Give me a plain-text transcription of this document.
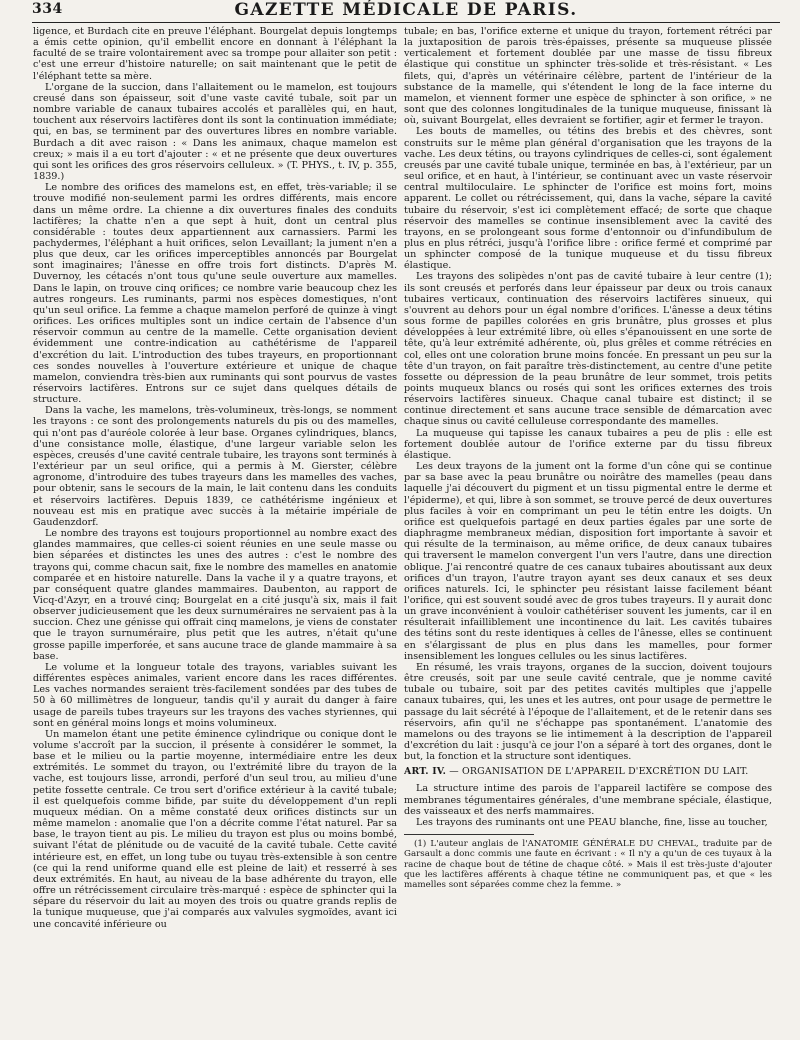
334	GAZETTE MÉDICALE DE PARIS.

ligence, et Burdach cite en preuve l'éléphant. Bourgelat depuis longtemps a émis cette opinion, qu'il embellit encore en donnant à l'éléphant la faculté de se traire volontairement avec sa trompe pour allaiter son petit : c'est une erreur d'histoire naturelle; on sait maintenant que le petit de l'éléphant tette sa mère.

L'organe de la succion, dans l'allaitement ou le mamelon, est toujours creusé dans son épaisseur, soit d'une vaste cavité tubale, soit par un nombre variable de canaux tubaires accolés et parallèles qui, en haut, touchent aux réservoirs lactifères dont ils sont la continuation immédiate; qui, en bas, se terminent par des ouvertures libres en nombre variable. Burdach a dit avec raison : « Dans les animaux, chaque mamelon est creux; » mais il a eu tort d'ajouter : « et ne présente que deux ouvertures qui sont les orifices des gros réservoirs celluleux. » (T. PHYS., t. IV, p. 355, 1839.)

Le nombre des orifices des mamelons est, en effet, très-variable; il se trouve modifié non-seulement parmi les ordres différents, mais encore dans un même ordre. La chienne a dix ouvertures finales des conduits lactifères; la chatte n'en a que sept à huit, dont un central plus considérable : toutes deux appartiennent aux carnassiers. Parmi les pachydermes, l'éléphant a huit orifices, selon Levaillant; la jument n'en a plus que deux, car les orifices imperceptibles annoncés par Bourgelat sont imaginaires; l'ânesse en offre trois fort distincts. D'après M. Duvernoy, les cétacés n'ont tous qu'une seule ouverture aux mamelles. Dans le lapin, on trouve cinq orifices; ce nombre varie beaucoup chez les autres rongeurs. Les ruminants, parmi nos espèces domestiques, n'ont qu'un seul orifice. La femme a chaque mamelon perforé de quinze à vingt orifices. Les orifices multiples sont un indice certain de l'absence d'un réservoir commun au centre de la mamelle. Cette organisation devient évidemment une contre-indication au cathétérisme de l'appareil d'excrétion du lait. L'introduction des tubes trayeurs, en proportionnant ces sondes nouvelles à l'ouverture extérieure et unique de chaque mamelon, conviendra très-bien aux ruminants qui sont pourvus de vastes réservoirs lactifères. Entrons sur ce sujet dans quelques détails de structure.

Dans la vache, les mamelons, très-volumineux, très-longs, se nomment les trayons : ce sont des prolongements naturels du pis ou des mamelles, qui n'ont pas d'auréole colorée à leur base. Organes cylindriques, blancs, d'une consistance molle, élastique, d'une largeur variable selon les espèces, creusés d'une cavité centrale tubaire, les trayons sont terminés à l'extérieur par un seul orifice, qui a permis à M. Gierster, célèbre agronome, d'introduire des tubes trayeurs dans les mamelles des vaches, pour obtenir, sans le secours de la main, le lait contenu dans les conduits et réservoirs lactifères. Depuis 1839, ce cathétérisme ingénieux et nouveau est mis en pratique avec succès à la métairie impériale de Gaudenzdorf.

Le nombre des trayons est toujours proportionnel au nombre exact des glandes mammaires, que celles-ci soient réunies en une seule masse ou bien séparées et distinctes les unes des autres : c'est le nombre des trayons qui, comme chacun sait, fixe le nombre des mamelles en anatomie comparée et en histoire naturelle. Dans la vache il y a quatre trayons, et par conséquent quatre glandes mammaires. Daubenton, au rapport de Vicq-d'Azyr, en a trouvé cinq; Bourgelat en a cité jusqu'à six, mais il fait observer judicieusement que les deux surnuméraires ne servaient pas à la succion. Chez une génisse qui offrait cinq mamelons, je viens de constater que le trayon surnuméraire, plus petit que les autres, n'était qu'une grosse papille imperforée, et sans aucune trace de glande mammaire à sa base.

Le volume et la longueur totale des trayons, variables suivant les différentes espèces animales, varient encore dans les races différentes. Les vaches normandes seraient très-facilement sondées par des tubes de 50 à 60 millimètres de longueur, tandis qu'il y aurait du danger à faire usage de pareils tubes trayeurs sur les trayons des vaches styriennes, qui sont en général moins longs et moins volumineux.

Un mamelon étant une petite éminence cylindrique ou conique dont le volume s'accroît par la succion, il présente à considérer le sommet, la base et le milieu ou la partie moyenne, intermédiaire entre les deux extrémités. Le sommet du trayon, ou l'extrémité libre du trayon de la vache, est toujours lisse, arrondi, perforé d'un seul trou, au milieu d'une petite fossette centrale. Ce trou sert d'orifice extérieur à la cavité tubale; il est quelquefois comme bifide, par suite du développement d'un repli muqueux médian. On a même constaté deux orifices distincts sur un même mamelon : anomalie que l'on a décrite comme l'état naturel. Par sa base, le trayon tient au pis. Le milieu du trayon est plus ou moins bombé, suivant l'état de plénitude ou de vacuité de la cavité tubale. Cette cavité intérieure est, en effet, un long tube ou tuyau très-extensible à son centre (ce qui la rend uniforme quand elle est pleine de lait) et resserré à ses deux extrémités. En haut, au niveau de la base adhérente du trayon, elle offre un rétrécissement circulaire très-marqué : espèce de sphincter qui la sépare du réservoir du lait au moyen des trois ou quatre grands replis de la tunique muqueuse, que j'ai comparés aux valvules sygmoïdes, avant ici une concavité inférieure ou

tubale; en bas, l'orifice externe et unique du trayon, fortement rétréci par la juxtaposition de parois très-épaisses, présente sa muqueuse plissée verticalement et fortement doublée par une masse de tissu fibreux élastique qui constitue un sphincter très-solide et très-résistant. « Les filets, qui, d'après un vétérinaire célèbre, partent de l'intérieur de la substance de la mamelle, qui s'étendent le long de la face interne du mamelon, et viennent former une espèce de sphincter à son orifice, » ne sont que des colonnes longitudinales de la tunique muqueuse, finissant là où, suivant Bourgelat, elles devraient se fortifier, agir et fermer le trayon.

Les bouts de mamelles, ou tétins des brebis et des chèvres, sont construits sur le même plan général d'organisation que les trayons de la vache. Les deux tétins, ou trayons cylindriques de celles-ci, sont également creusés par une cavité tubale unique, terminée en bas, à l'extérieur, par un seul orifice, et en haut, à l'intérieur, se continuant avec un vaste réservoir central multiloculaire. Le sphincter de l'orifice est moins fort, moins apparent. Le collet ou rétrécissement, qui, dans la vache, sépare la cavité tubaire du réservoir, s'est ici complètement effacé; de sorte que chaque réservoir des mamelles se continue insensiblement avec la cavité des trayons, en se prolongeant sous forme d'entonnoir ou d'infundibulum de plus en plus rétréci, jusqu'à l'orifice libre : orifice fermé et comprimé par un sphincter composé de la tunique muqueuse et du tissu fibreux élastique.

Les trayons des solipèdes n'ont pas de cavité tubaire à leur centre (1); ils sont creusés et perforés dans leur épaisseur par deux ou trois canaux tubaires verticaux, continuation des réservoirs lactifères sinueux, qui s'ouvrent au dehors pour un égal nombre d'orifices. L'ânesse a deux tétins sous forme de papilles colorées en gris brunâtre, plus grosses et plus développées à leur extrémité libre, où elles s'épanouissent en une sorte de tête, qu'à leur extrémité adhérente, où, plus grêles et comme rétrécies en col, elles ont une coloration brune moins foncée. En pressant un peu sur la tête d'un trayon, on fait paraître très-distinctement, au centre d'une petite fossette ou dépression de la peau brunâtre de leur sommet, trois petits points muqueux blancs ou rosés qui sont les orifices externes des trois réservoirs lactifères sinueux. Chaque canal tubaire est distinct; il se continue directement et sans aucune trace sensible de démarcation avec chaque sinus ou cavité celluleuse correspondante des mamelles.

La muqueuse qui tapisse les canaux tubaires a peu de plis : elle est fortement doublée autour de l'orifice externe par du tissu fibreux élastique.

Les deux trayons de la jument ont la forme d'un cône qui se continue par sa base avec la peau brunâtre ou noirâtre des mamelles (peau dans laquelle j'ai découvert du pigment et un tissu pigmental entre le derme et l'épiderme), et qui, libre à son sommet, se trouve percé de deux ouvertures plus faciles à voir en comprimant un peu le tétin entre les doigts. Un orifice est quelquefois partagé en deux parties égales par une sorte de diaphragme membraneux médian, disposition fort importante à savoir et qui résulte de la terminaison, au même orifice, de deux canaux tubaires qui traversent le mamelon convergent l'un vers l'autre, dans une direction oblique. J'ai rencontré quatre de ces canaux tubaires aboutissant aux deux orifices d'un trayon, l'autre trayon ayant ses deux canaux et ses deux orifices naturels. Ici, le sphincter peu résistant laisse facilement béant l'orifice, qui est souvent soudé avec de gros tubes trayeurs. Il y aurait donc un grave inconvénient à vouloir cathétériser souvent les juments, car il en résulterait infailliblement une incontinence du lait. Les cavités tubaires des tétins sont du reste identiques à celles de l'ânesse, elles se continuent en s'élargissant de plus en plus dans les mamelles, pour former insensiblement les longues cellules ou les sinus lactifères.

En résumé, les vrais trayons, organes de la succion, doivent toujours être creusés, soit par une seule cavité centrale, que je nomme cavité tubale ou tubaire, soit par des petites cavités multiples que j'appelle canaux tubaires, qui, les unes et les autres, ont pour usage de permettre le passage du lait sécrété à l'époque de l'allaitement, et de le retenir dans ses réservoirs, afin qu'il ne s'échappe pas spontanément. L'anatomie des mamelons ou des trayons se lie intimement à la description de l'appareil d'excrétion du lait : jusqu'à ce jour l'on a séparé à tort des organes, dont le but, la fonction et la structure sont identiques.

ART. IV. — ORGANISATION DE L'APPAREIL D'EXCRÉTION DU LAIT.

La structure intime des parois de l'appareil lactifère se compose des membranes tégumentaires générales, d'une membrane spéciale, élastique, des vaisseaux et des nerfs mammaires.

Les trayons des ruminants ont une PEAU blanche, fine, lisse au toucher,

(1) L'auteur anglais de l'ANATOMIE GÉNÉRALE DU CHEVAL, traduite par de Garsault a donc commis une faute en écrivant : « Il n'y a qu'un de ces tuyaux à la racine de chaque bout de tétine de chaque côté. » Mais il est très-juste d'ajouter que les lactifères afférents à chaque tétine ne communiquent pas, et que « les mamelles sont séparées comme chez la femme. »
